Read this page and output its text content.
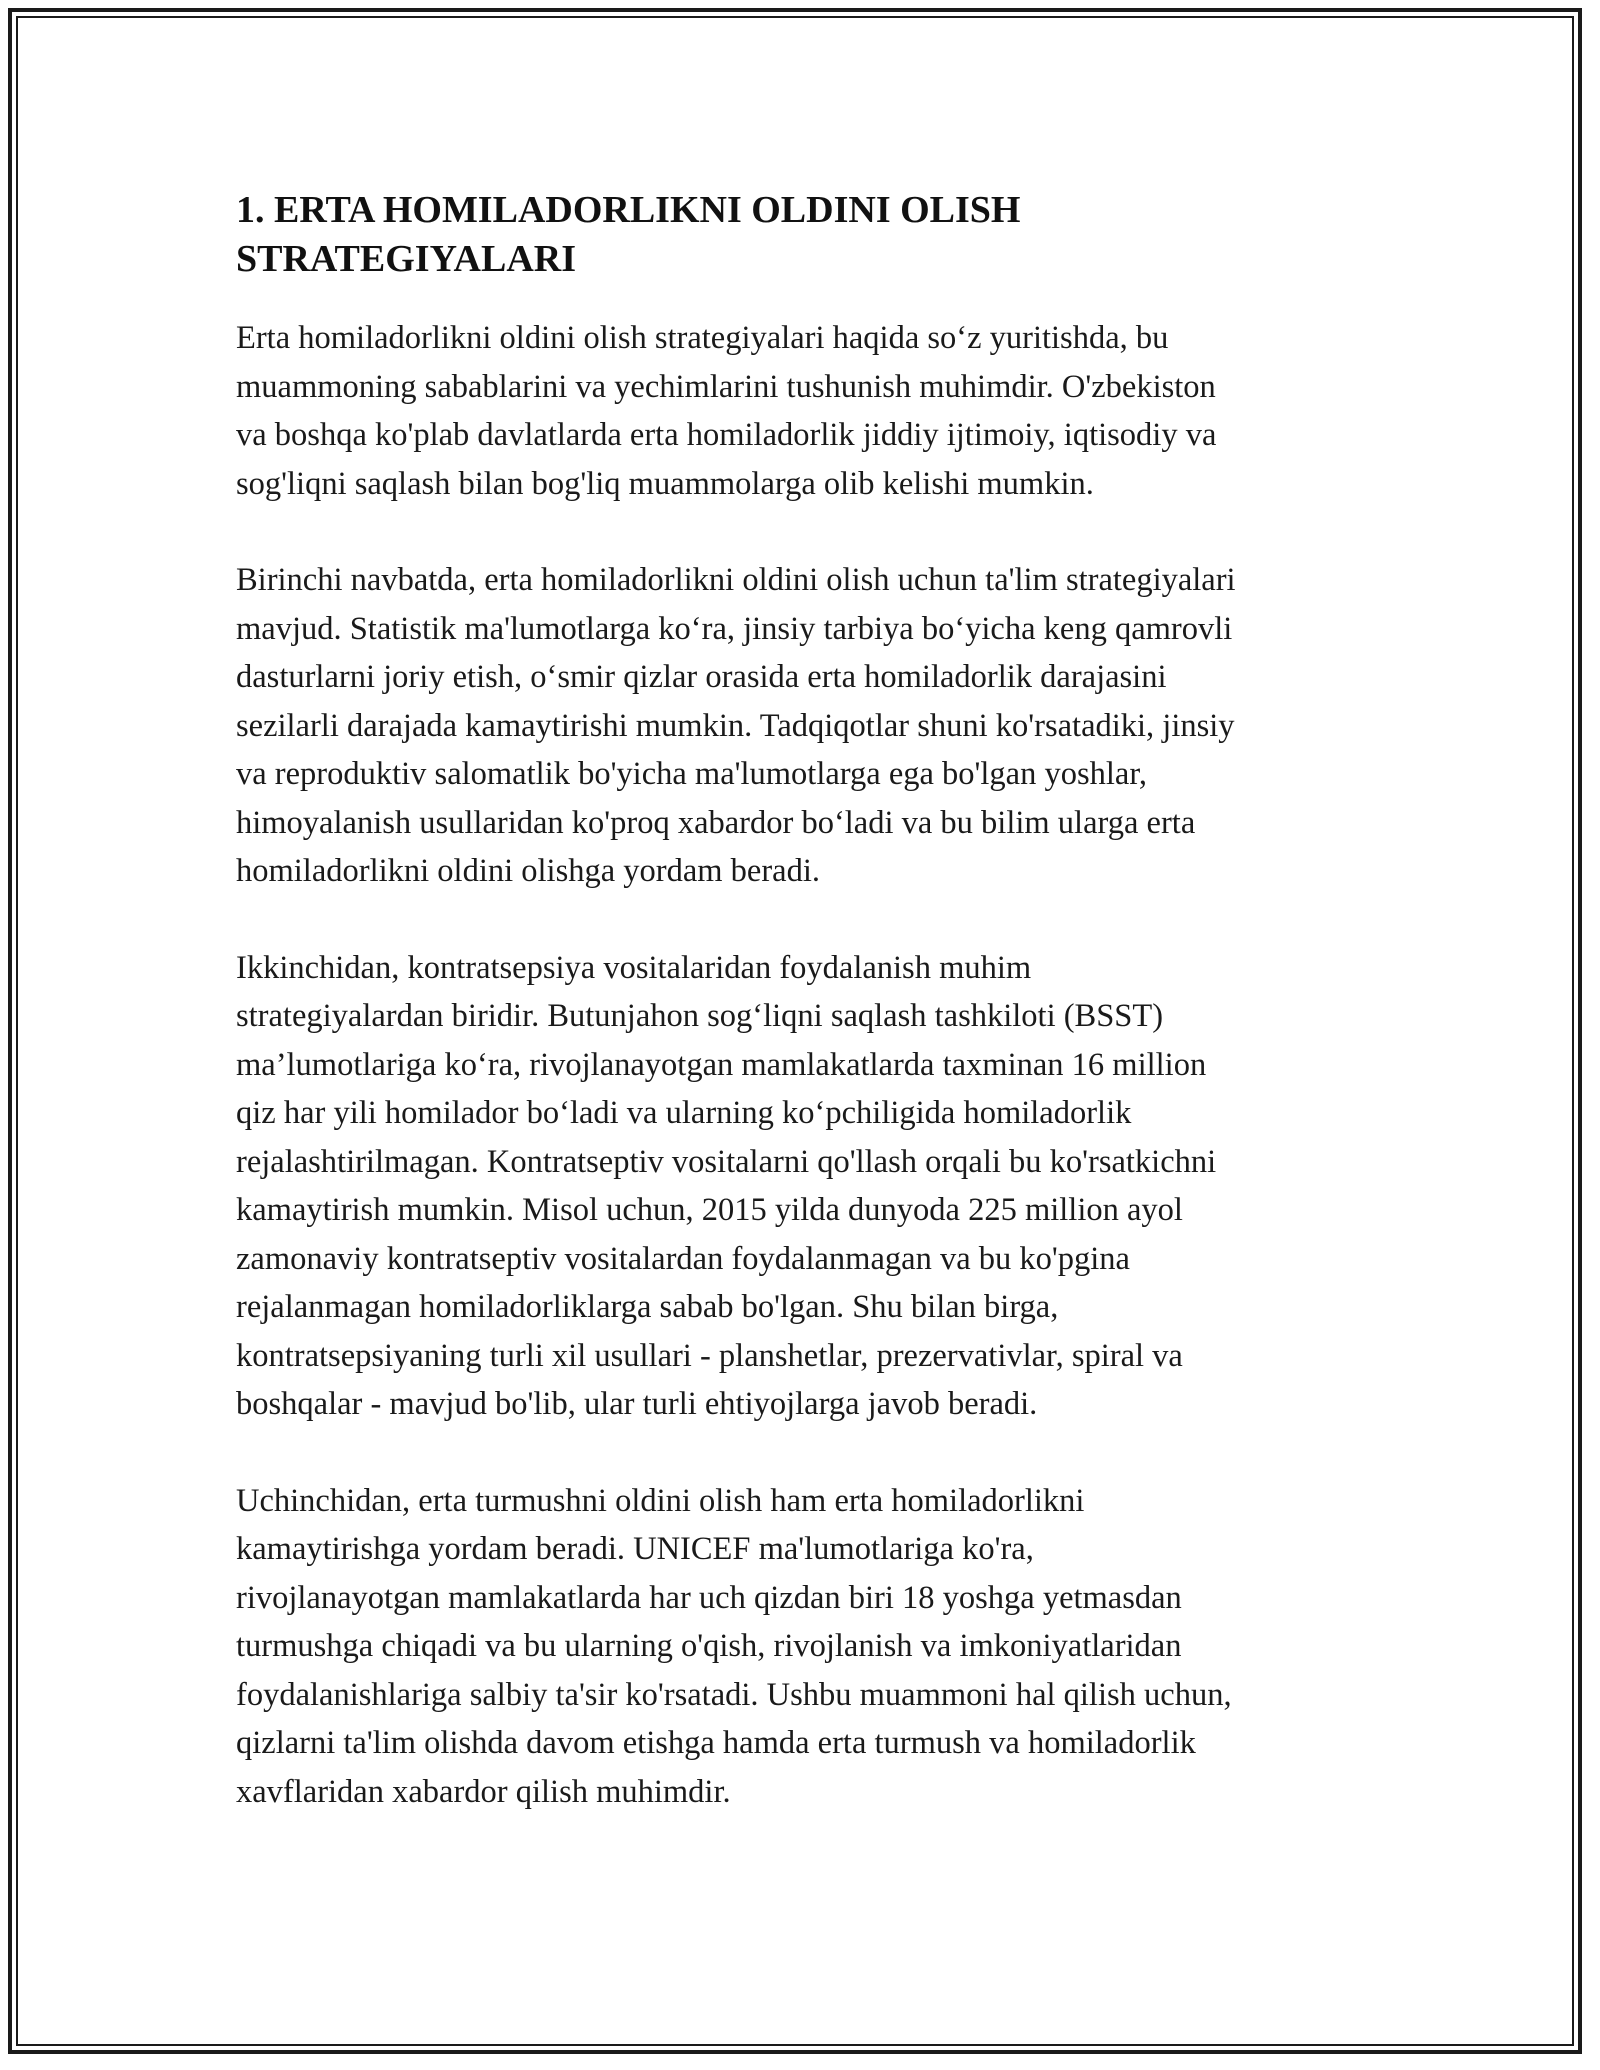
1. ERTA HOMILADORLIKNI OLDINI OLISH
STRATEGIYALARI

Erta homiladorlikni oldini olish strategiyalari haqida so‘z yuritishda, bu
muammoning sabablarini va yechimlarini tushunish muhimdir. O'zbekiston
va boshqa ko'plab davlatlarda erta homiladorlik jiddiy ijtimoiy, iqtisodiy va
sog'liqni saqlash bilan bog'liq muammolarga olib kelishi mumkin.

Birinchi navbatda, erta homiladorlikni oldini olish uchun ta'lim strategiyalari
mavjud. Statistik ma'lumotlarga ko‘ra, jinsiy tarbiya bo‘yicha keng qamrovli
dasturlarni joriy etish, o‘smir qizlar orasida erta homiladorlik darajasini
sezilarli darajada kamaytirishi mumkin. Tadqiqotlar shuni ko'rsatadiki, jinsiy
va reproduktiv salomatlik bo'yicha ma'lumotlarga ega bo'lgan yoshlar,
himoyalanish usullaridan ko'proq xabardor bo‘ladi va bu bilim ularga erta
homiladorlikni oldini olishga yordam beradi.

Ikkinchidan, kontratsepsiya vositalaridan foydalanish muhim
strategiyalardan biridir. Butunjahon sog‘liqni saqlash tashkiloti (BSST)
ma’lumotlariga ko‘ra, rivojlanayotgan mamlakatlarda taxminan 16 million
qiz har yili homilador bo‘ladi va ularning ko‘pchiligida homiladorlik
rejalashtirilmagan. Kontratseptiv vositalarni qo'llash orqali bu ko'rsatkichni
kamaytirish mumkin. Misol uchun, 2015 yilda dunyoda 225 million ayol
zamonaviy kontratseptiv vositalardan foydalanmagan va bu ko'pgina
rejalanmagan homiladorliklarga sabab bo'lgan. Shu bilan birga,
kontratsepsiyaning turli xil usullari - planshetlar, prezervativlar, spiral va
boshqalar - mavjud bo'lib, ular turli ehtiyojlarga javob beradi.

Uchinchidan, erta turmushni oldini olish ham erta homiladorlikni
kamaytirishga yordam beradi. UNICEF ma'lumotlariga ko'ra,
rivojlanayotgan mamlakatlarda har uch qizdan biri 18 yoshga yetmasdan
turmushga chiqadi va bu ularning o'qish, rivojlanish va imkoniyatlaridan
foydalanishlariga salbiy ta'sir ko'rsatadi. Ushbu muammoni hal qilish uchun,
qizlarni ta'lim olishda davom etishga hamda erta turmush va homiladorlik
xavflaridan xabardor qilish muhimdir.
